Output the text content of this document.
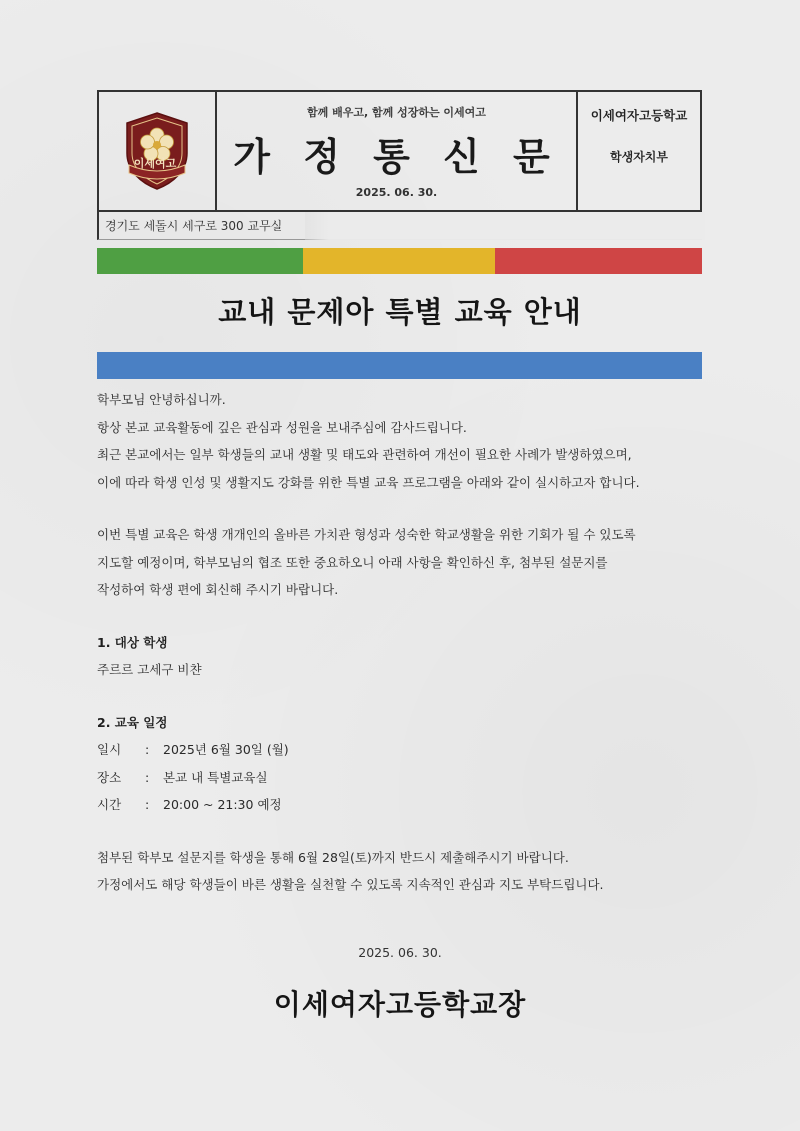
함께 배우고, 함께 성장하는 이세여고
가 정 통 신 문
2025. 06. 30.
이세여자고등학교
학생자치부
경기도 세돌시 세구로 300 교무실
교내 문제아 특별 교육 안내
학부모님 안녕하십니까.
항상 본교 교육활동에 깊은 관심과 성원을 보내주심에 감사드립니다.
최근 본교에서는 일부 학생들의 교내 생활 및 태도와 관련하여 개선이 필요한 사례가 발생하였으며,
이에 따라 학생 인성 및 생활지도 강화를 위한 특별 교육 프로그램을 아래와 같이 실시하고자 합니다.
이번 특별 교육은 학생 개개인의 올바른 가치관 형성과 성숙한 학교생활을 위한 기회가 될 수 있도록
지도할 예정이며, 학부모님의 협조 또한 중요하오니 아래 사항을 확인하신 후, 첨부된 설문지를
작성하여 학생 편에 회신해 주시기 바랍니다.
1. 대상 학생
주르르 고세구 비챤
2. 교육 일정
일시	:	2025년 6월 30일 (월)
장소	:	본교 내 특별교육실
시간	:	20:00 ~ 21:30 예정
첨부된 학부모 설문지를 학생을 통해 6월 28일(토)까지 반드시 제출해주시기 바랍니다.
가정에서도 해당 학생들이 바른 생활을 실천할 수 있도록 지속적인 관심과 지도 부탁드립니다.
2025. 06. 30.
이세여자고등학교장
이세여고
